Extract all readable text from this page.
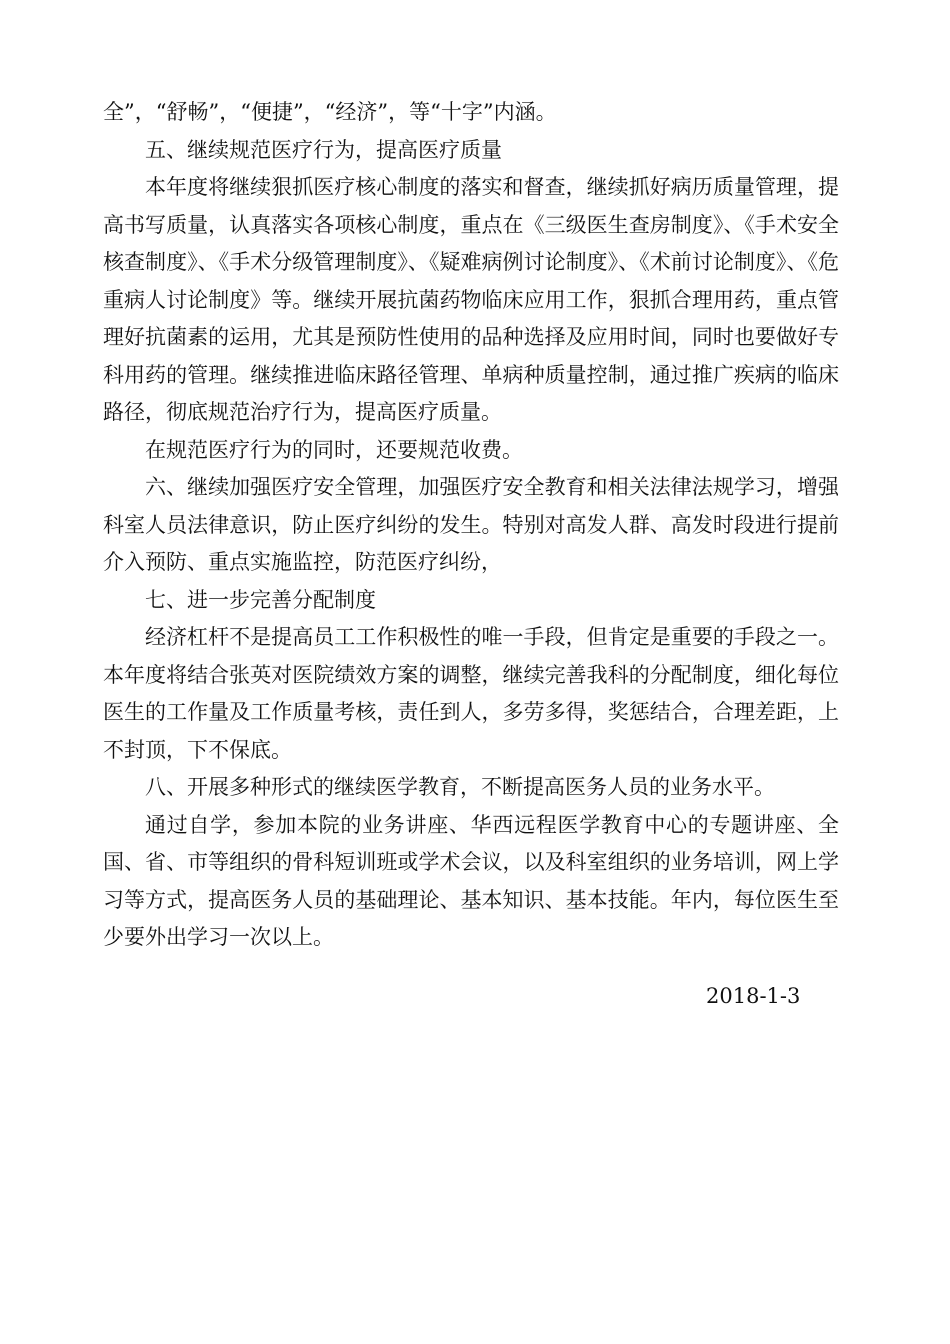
全”，“舒畅”，“便捷”，“经济”，等“十字”内涵。

五、继续规范医疗行为，提高医疗质量

本年度将继续狠抓医疗核心制度的落实和督查，继续抓好病历质量管理，提高书写质量，认真落实各项核心制度，重点在《三级医生查房制度》、《手术安全核查制度》、《手术分级管理制度》、《疑难病例讨论制度》、《术前讨论制度》、《危重病人讨论制度》等。继续开展抗菌药物临床应用工作，狠抓合理用药，重点管理好抗菌素的运用，尤其是预防性使用的品种选择及应用时间，同时也要做好专科用药的管理。继续推进临床路径管理、单病种质量控制，通过推广疾病的临床路径，彻底规范治疗行为，提高医疗质量。

在规范医疗行为的同时，还要规范收费。

六、继续加强医疗安全管理，加强医疗安全教育和相关法律法规学习，增强科室人员法律意识，防止医疗纠纷的发生。特别对高发人群、高发时段进行提前介入预防、重点实施监控，防范医疗纠纷，

七、进一步完善分配制度

经济杠杆不是提高员工工作积极性的唯一手段，但肯定是重要的手段之一。本年度将结合张英对医院绩效方案的调整，继续完善我科的分配制度，细化每位医生的工作量及工作质量考核，责任到人，多劳多得，奖惩结合，合理差距，上不封顶，下不保底。

八、开展多种形式的继续医学教育，不断提高医务人员的业务水平。

通过自学，参加本院的业务讲座、华西远程医学教育中心的专题讲座、全国、省、市等组织的骨科短训班或学术会议，以及科室组织的业务培训，网上学习等方式，提高医务人员的基础理论、基本知识、基本技能。年内，每位医生至少要外出学习一次以上。

2018-1-3
